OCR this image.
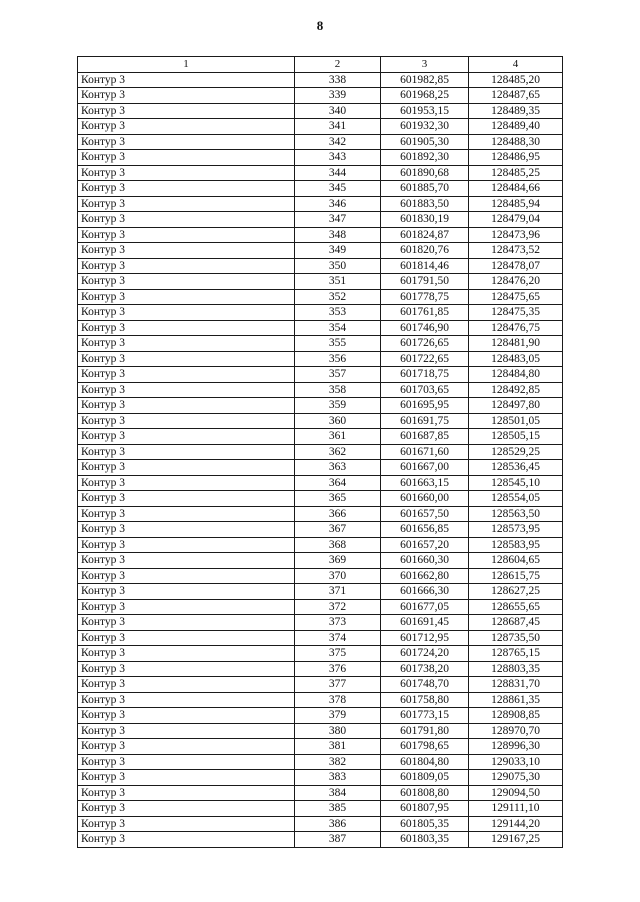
8
1	2	3	4
Контур 3	338	601982,85	128485,20
Контур 3	339	601968,25	128487,65
Контур 3	340	601953,15	128489,35
Контур 3	341	601932,30	128489,40
Контур 3	342	601905,30	128488,30
Контур 3	343	601892,30	128486,95
Контур 3	344	601890,68	128485,25
Контур 3	345	601885,70	128484,66
Контур 3	346	601883,50	128485,94
Контур 3	347	601830,19	128479,04
Контур 3	348	601824,87	128473,96
Контур 3	349	601820,76	128473,52
Контур 3	350	601814,46	128478,07
Контур 3	351	601791,50	128476,20
Контур 3	352	601778,75	128475,65
Контур 3	353	601761,85	128475,35
Контур 3	354	601746,90	128476,75
Контур 3	355	601726,65	128481,90
Контур 3	356	601722,65	128483,05
Контур 3	357	601718,75	128484,80
Контур 3	358	601703,65	128492,85
Контур 3	359	601695,95	128497,80
Контур 3	360	601691,75	128501,05
Контур 3	361	601687,85	128505,15
Контур 3	362	601671,60	128529,25
Контур 3	363	601667,00	128536,45
Контур 3	364	601663,15	128545,10
Контур 3	365	601660,00	128554,05
Контур 3	366	601657,50	128563,50
Контур 3	367	601656,85	128573,95
Контур 3	368	601657,20	128583,95
Контур 3	369	601660,30	128604,65
Контур 3	370	601662,80	128615,75
Контур 3	371	601666,30	128627,25
Контур 3	372	601677,05	128655,65
Контур 3	373	601691,45	128687,45
Контур 3	374	601712,95	128735,50
Контур 3	375	601724,20	128765,15
Контур 3	376	601738,20	128803,35
Контур 3	377	601748,70	128831,70
Контур 3	378	601758,80	128861,35
Контур 3	379	601773,15	128908,85
Контур 3	380	601791,80	128970,70
Контур 3	381	601798,65	128996,30
Контур 3	382	601804,80	129033,10
Контур 3	383	601809,05	129075,30
Контур 3	384	601808,80	129094,50
Контур 3	385	601807,95	129111,10
Контур 3	386	601805,35	129144,20
Контур 3	387	601803,35	129167,25
